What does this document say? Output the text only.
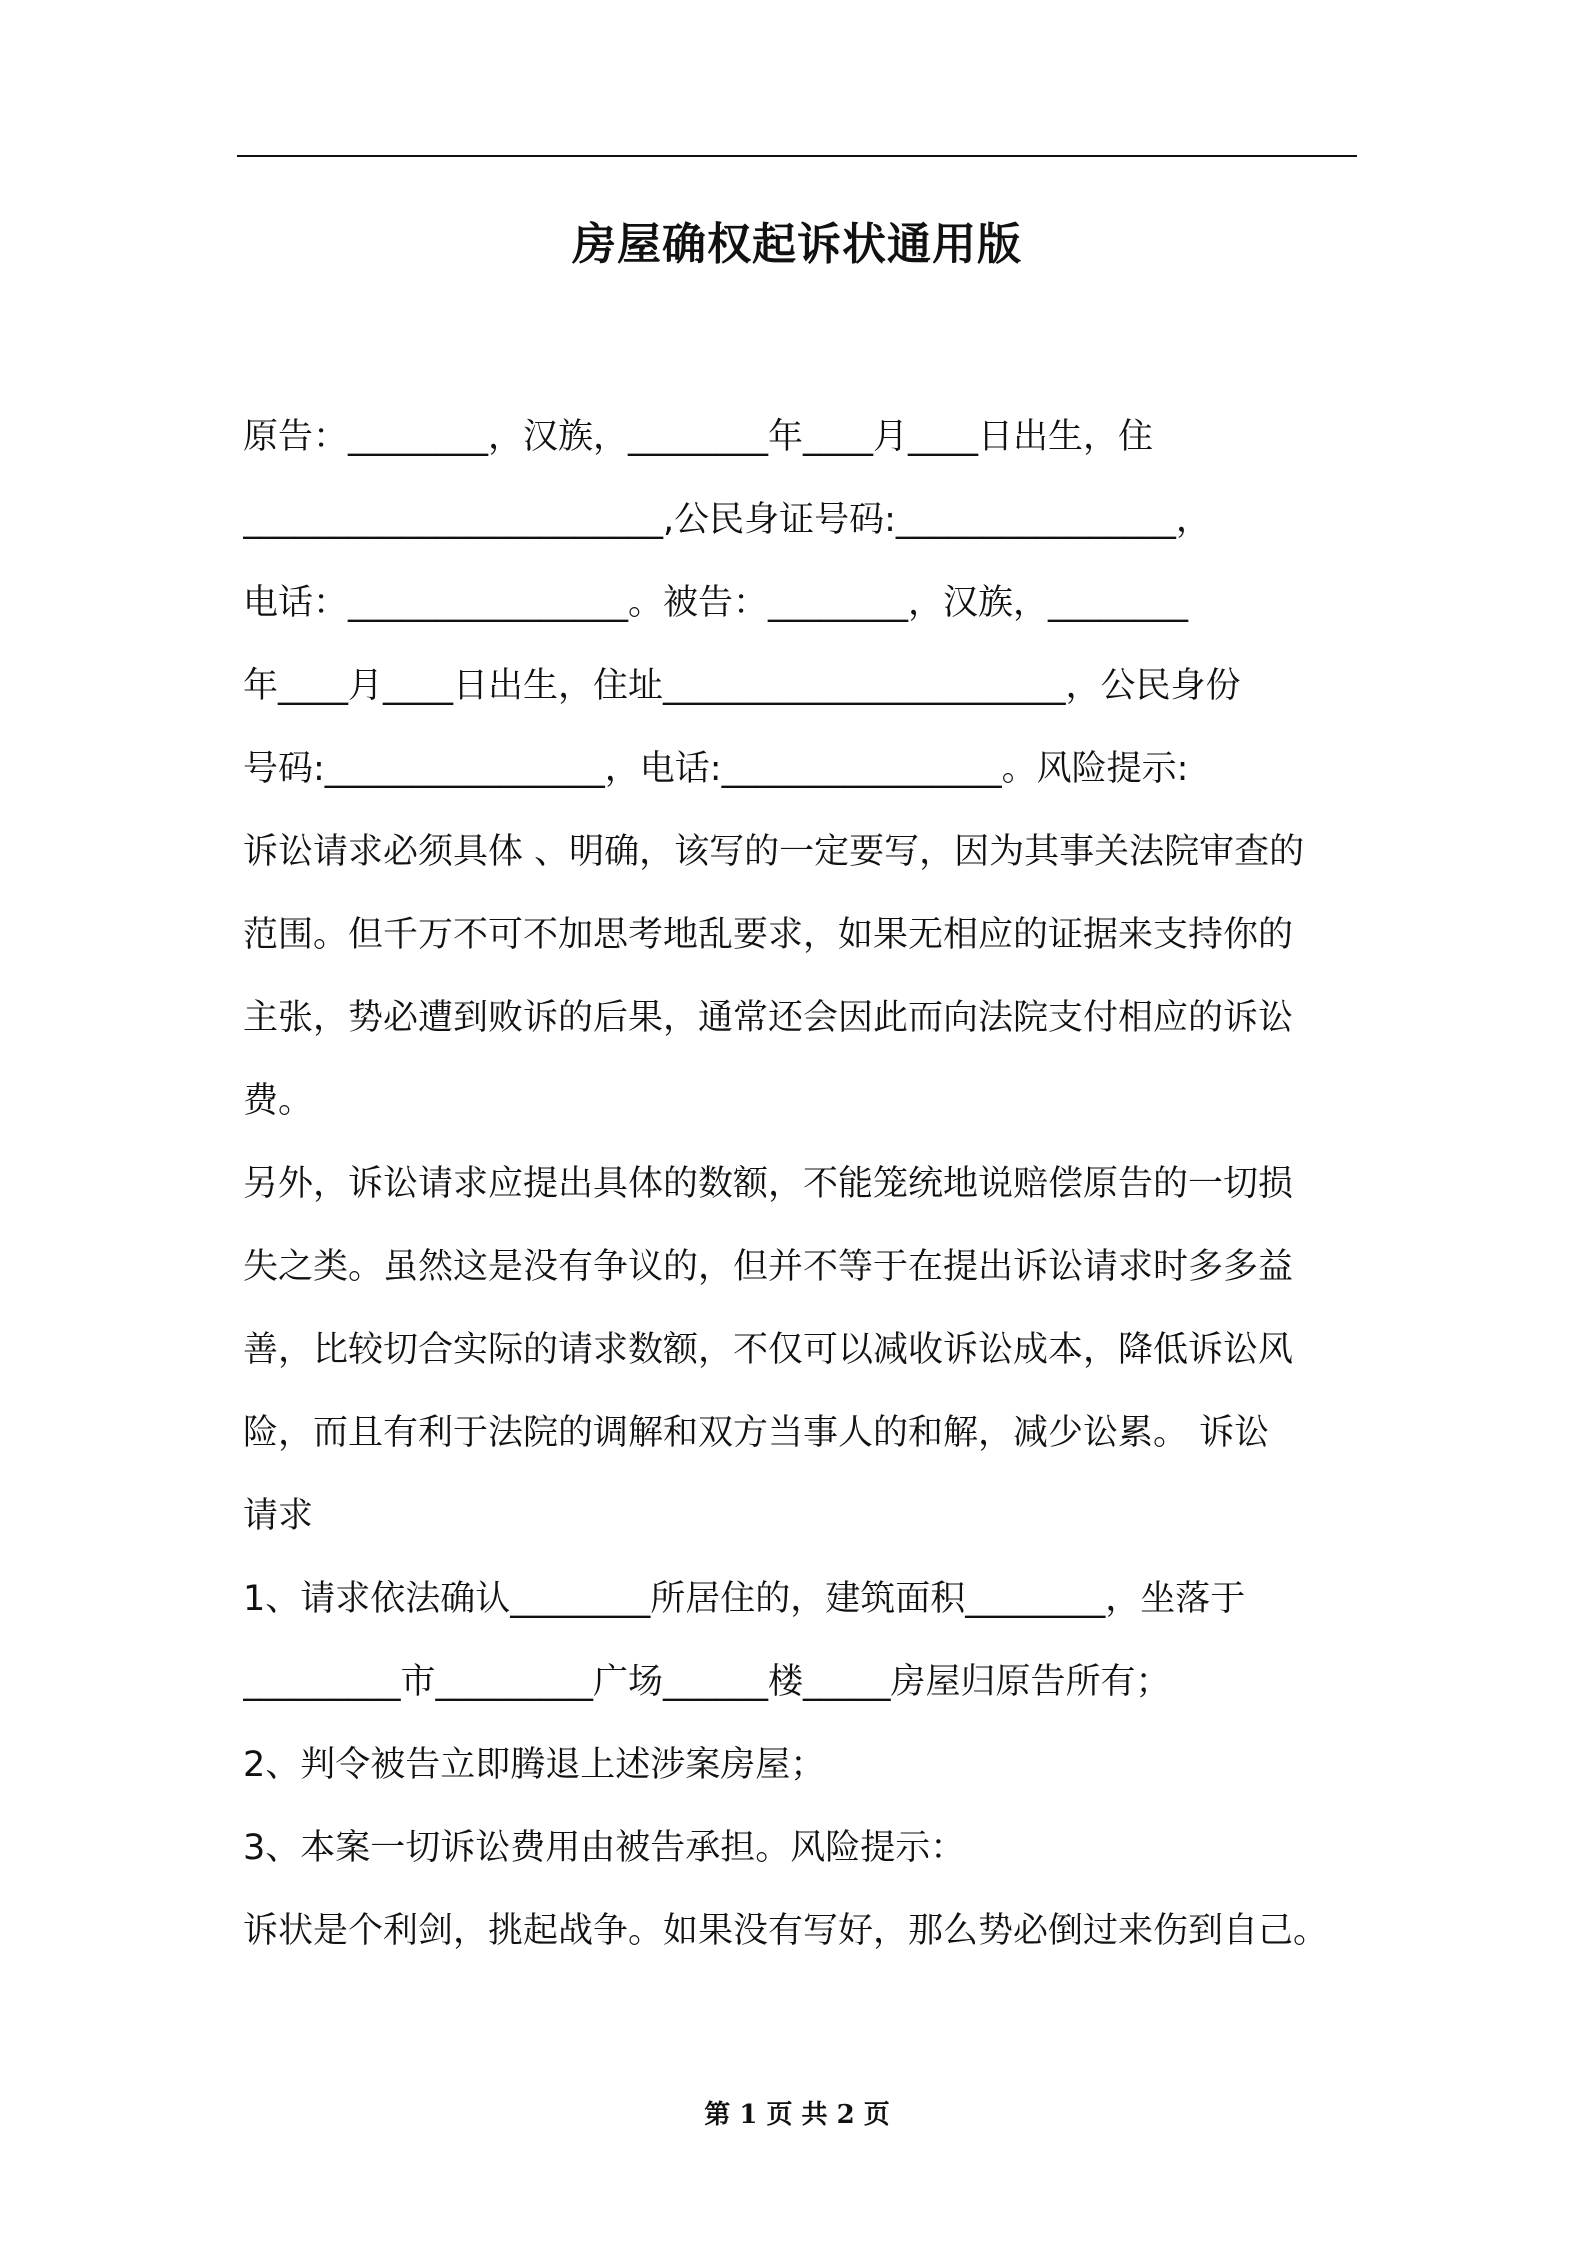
房屋确权起诉状通用版
原告：________，汉族，________年____月____日出生，住
________________________,公民身证号码:________________，
电话：________________。被告：________，汉族，________
年____月____日出生，住址_______________________，公民身份
号码:________________，电话:________________。风险提示:
诉讼请求必须具体 、明确，该写的一定要写，因为其事关法院审查的
范围。但千万不可不加思考地乱要求，如果无相应的证据来支持你的
主张，势必遭到败诉的后果，通常还会因此而向法院支付相应的诉讼
费。
另外，诉讼请求应提出具体的数额，不能笼统地说赔偿原告的一切损
失之类。虽然这是没有争议的，但并不等于在提出诉讼请求时多多益
善，比较切合实际的请求数额，不仅可以减收诉讼成本，降低诉讼风
险，而且有利于法院的调解和双方当事人的和解，减少讼累。 诉讼
请求
1、请求依法确认________所居住的，建筑面积________，坐落于
_________市_________广场______楼_____房屋归原告所有；
2、判令被告立即腾退上述涉案房屋；
3、本案一切诉讼费用由被告承担。风险提示：
诉状是个利剑，挑起战争。如果没有写好，那么势必倒过来伤到自己。
第 1 页 共 2 页
